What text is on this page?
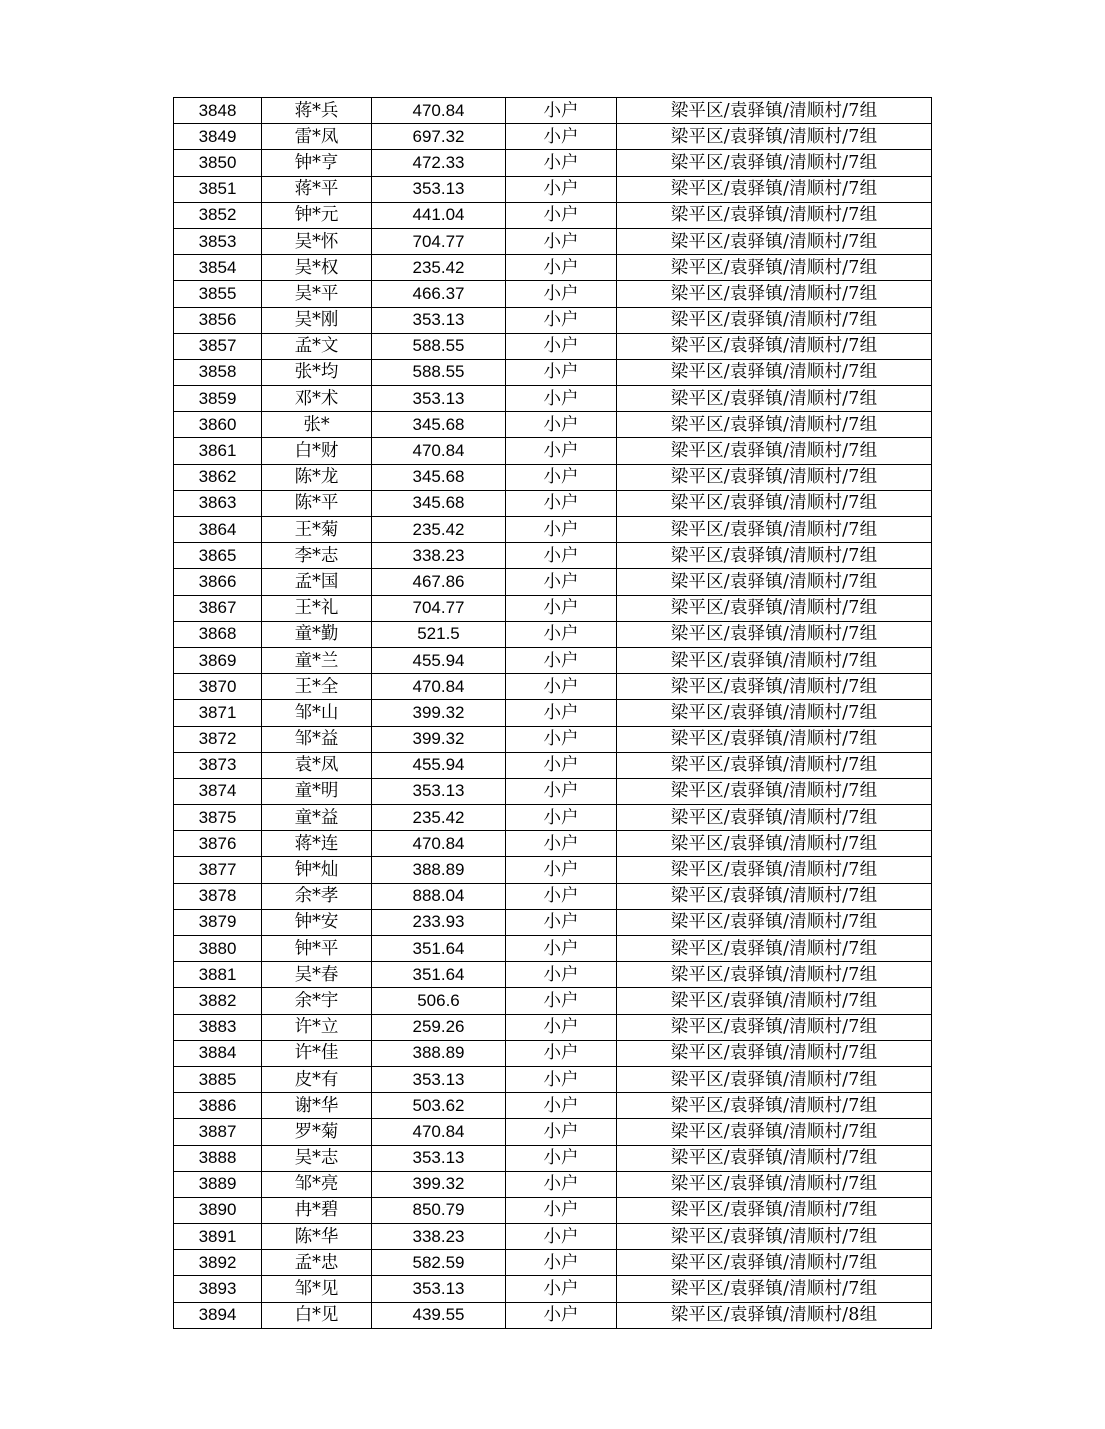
3848	蒋*兵	470.84	小户	梁平区/袁驿镇/清顺村/7组
3849	雷*凤	697.32	小户	梁平区/袁驿镇/清顺村/7组
3850	钟*亨	472.33	小户	梁平区/袁驿镇/清顺村/7组
3851	蒋*平	353.13	小户	梁平区/袁驿镇/清顺村/7组
3852	钟*元	441.04	小户	梁平区/袁驿镇/清顺村/7组
3853	吴*怀	704.77	小户	梁平区/袁驿镇/清顺村/7组
3854	吴*权	235.42	小户	梁平区/袁驿镇/清顺村/7组
3855	吴*平	466.37	小户	梁平区/袁驿镇/清顺村/7组
3856	吴*刚	353.13	小户	梁平区/袁驿镇/清顺村/7组
3857	孟*文	588.55	小户	梁平区/袁驿镇/清顺村/7组
3858	张*均	588.55	小户	梁平区/袁驿镇/清顺村/7组
3859	邓*术	353.13	小户	梁平区/袁驿镇/清顺村/7组
3860	张*	345.68	小户	梁平区/袁驿镇/清顺村/7组
3861	白*财	470.84	小户	梁平区/袁驿镇/清顺村/7组
3862	陈*龙	345.68	小户	梁平区/袁驿镇/清顺村/7组
3863	陈*平	345.68	小户	梁平区/袁驿镇/清顺村/7组
3864	王*菊	235.42	小户	梁平区/袁驿镇/清顺村/7组
3865	李*志	338.23	小户	梁平区/袁驿镇/清顺村/7组
3866	孟*国	467.86	小户	梁平区/袁驿镇/清顺村/7组
3867	王*礼	704.77	小户	梁平区/袁驿镇/清顺村/7组
3868	童*勤	521.5	小户	梁平区/袁驿镇/清顺村/7组
3869	童*兰	455.94	小户	梁平区/袁驿镇/清顺村/7组
3870	王*全	470.84	小户	梁平区/袁驿镇/清顺村/7组
3871	邹*山	399.32	小户	梁平区/袁驿镇/清顺村/7组
3872	邹*益	399.32	小户	梁平区/袁驿镇/清顺村/7组
3873	袁*凤	455.94	小户	梁平区/袁驿镇/清顺村/7组
3874	童*明	353.13	小户	梁平区/袁驿镇/清顺村/7组
3875	童*益	235.42	小户	梁平区/袁驿镇/清顺村/7组
3876	蒋*连	470.84	小户	梁平区/袁驿镇/清顺村/7组
3877	钟*灿	388.89	小户	梁平区/袁驿镇/清顺村/7组
3878	余*孝	888.04	小户	梁平区/袁驿镇/清顺村/7组
3879	钟*安	233.93	小户	梁平区/袁驿镇/清顺村/7组
3880	钟*平	351.64	小户	梁平区/袁驿镇/清顺村/7组
3881	吴*春	351.64	小户	梁平区/袁驿镇/清顺村/7组
3882	余*宇	506.6	小户	梁平区/袁驿镇/清顺村/7组
3883	许*立	259.26	小户	梁平区/袁驿镇/清顺村/7组
3884	许*佳	388.89	小户	梁平区/袁驿镇/清顺村/7组
3885	皮*有	353.13	小户	梁平区/袁驿镇/清顺村/7组
3886	谢*华	503.62	小户	梁平区/袁驿镇/清顺村/7组
3887	罗*菊	470.84	小户	梁平区/袁驿镇/清顺村/7组
3888	吴*志	353.13	小户	梁平区/袁驿镇/清顺村/7组
3889	邹*亮	399.32	小户	梁平区/袁驿镇/清顺村/7组
3890	冉*碧	850.79	小户	梁平区/袁驿镇/清顺村/7组
3891	陈*华	338.23	小户	梁平区/袁驿镇/清顺村/7组
3892	孟*忠	582.59	小户	梁平区/袁驿镇/清顺村/7组
3893	邹*见	353.13	小户	梁平区/袁驿镇/清顺村/7组
3894	白*见	439.55	小户	梁平区/袁驿镇/清顺村/8组
